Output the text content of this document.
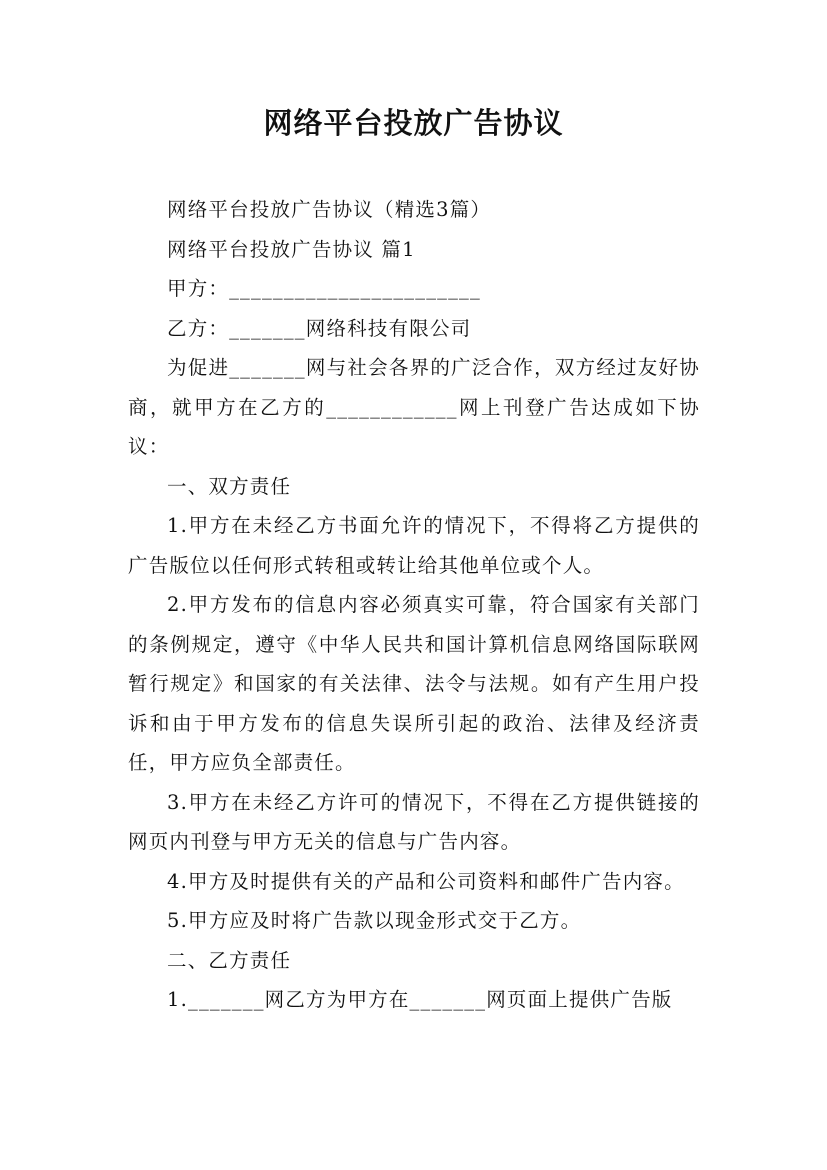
网络平台投放广告协议

网络平台投放广告协议（精选3篇）

网络平台投放广告协议 篇1

甲方：_______________________

乙方：_______网络科技有限公司

为促进_______网与社会各界的广泛合作，双方经过友好协商，就甲方在乙方的____________网上刊登广告达成如下协议：

一、双方责任

1.甲方在未经乙方书面允许的情况下，不得将乙方提供的广告版位以任何形式转租或转让给其他单位或个人。

2.甲方发布的信息内容必须真实可靠，符合国家有关部门的条例规定，遵守《中华人民共和国计算机信息网络国际联网暂行规定》和国家的有关法律、法令与法规。如有产生用户投诉和由于甲方发布的信息失误所引起的政治、法律及经济责任，甲方应负全部责任。

3.甲方在未经乙方许可的情况下，不得在乙方提供链接的网页内刊登与甲方无关的信息与广告内容。

4.甲方及时提供有关的产品和公司资料和邮件广告内容。

5.甲方应及时将广告款以现金形式交于乙方。

二、乙方责任

1._______网乙方为甲方在_______网页面上提供广告版
